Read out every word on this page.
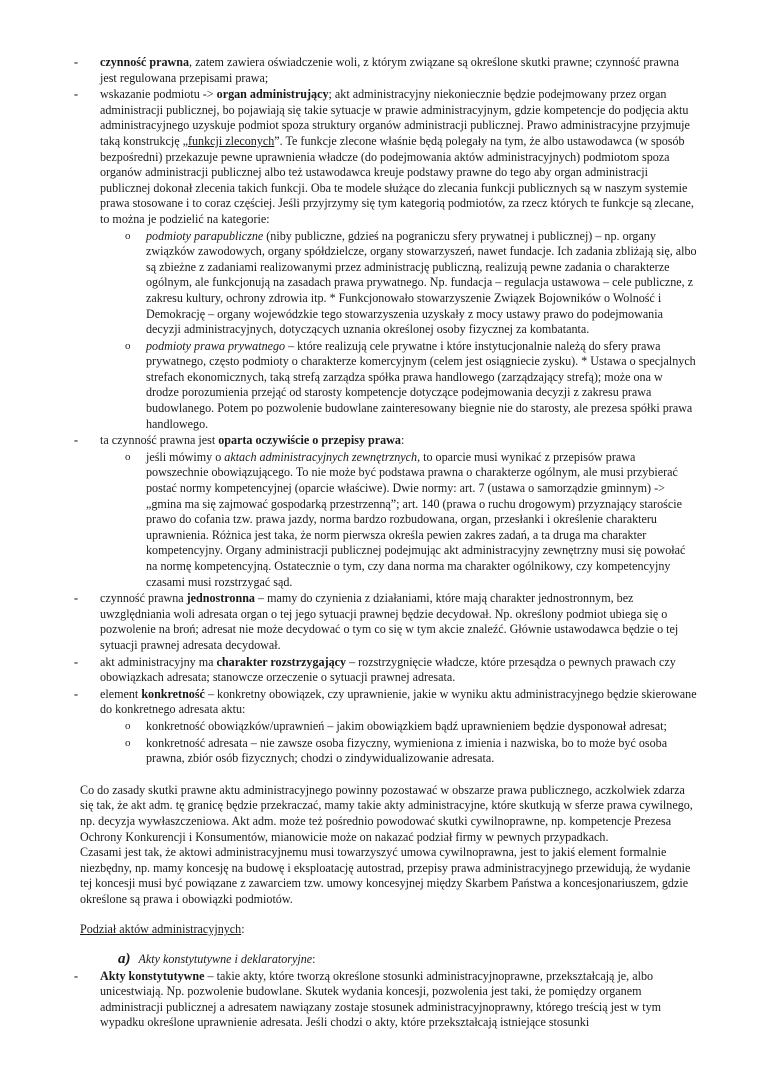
- czynność prawna, zatem zawiera oświadczenie woli, z którym związane są określone skutki prawne; czynność prawna jest regulowana przepisami prawa;
- wskazanie podmiotu -> organ administrujący; akt administracyjny niekoniecznie będzie podejmowany przez organ administracji publicznej, bo pojawiają się takie sytuacje w prawie administracyjnym, gdzie kompetencje do podjęcia aktu administracyjnego uzyskuje podmiot spoza struktury organów administracji publicznej. Prawo administracyjne przyjmuje taką konstrukcję „funkcji zleconych”. Te funkcje zlecone właśnie będą polegały na tym, że albo ustawodawca (w sposób bezpośredni) przekazuje pewne uprawnienia władcze (do podejmowania aktów administracyjnych) podmiotom spoza organów administracji publicznej albo też ustawodawca kreuje podstawy prawne do tego aby organ administracji publicznej dokonał zlecenia takich funkcji. Oba te modele służące do zlecania funkcji publicznych są w naszym systemie prawa stosowane i to coraz częściej. Jeśli przyjrzymy się tym kategorią podmiotów, za rzecz których te funkcje są zlecane, to można je podzielić na kategorie:
o podmioty parapubliczne (niby publiczne, gdzieś na pograniczu sfery prywatnej i publicznej) – np. organy związków zawodowych, organy spółdzielcze, organy stowarzyszeń, nawet fundacje. Ich zadania zbliżają się, albo są zbieżne z zadaniami realizowanymi przez administrację publiczną, realizują pewne zadania o charakterze ogólnym, ale funkcjonują na zasadach prawa prywatnego. Np. fundacja – regulacja ustawowa – cele publiczne, z zakresu kultury, ochrony zdrowia itp. * Funkcjonowało stowarzyszenie Związek Bojowników o Wolność i Demokrację – organy wojewódzkie tego stowarzyszenia uzyskały z mocy ustawy prawo do podejmowania decyzji administracyjnych, dotyczących uznania określonej osoby fizycznej za kombatanta.
o podmioty prawa prywatnego – które realizują cele prywatne i które instytucjonalnie należą do sfery prawa prywatnego, często podmioty o charakterze komercyjnym (celem jest osiągniecie zysku). * Ustawa o specjalnych strefach ekonomicznych, taką strefą zarządza spółka prawa handlowego (zarządzający strefą); może ona w drodze porozumienia przejąć od starosty kompetencje dotyczące podejmowania decyzji z zakresu prawa budowlanego. Potem po pozwolenie budowlane zainteresowany biegnie nie do starosty, ale prezesa spółki prawa handlowego.
- ta czynność prawna jest oparta oczywiście o przepisy prawa:
o jeśli mówimy o aktach administracyjnych zewnętrznych, to oparcie musi wynikać z przepisów prawa powszechnie obowiązującego. To nie może być podstawa prawna o charakterze ogólnym, ale musi przybierać postać normy kompetencyjnej (oparcie właściwe). Dwie normy: art. 7 (ustawa o samorządzie gminnym) -> „gmina ma się zajmować gospodarką przestrzenną”; art. 140 (prawa o ruchu drogowym) przyznający staroście prawo do cofania tzw. prawa jazdy, norma bardzo rozbudowana, organ, przesłanki i określenie charakteru uprawnienia. Różnica jest taka, że norm pierwsza określa pewien zakres zadań, a ta druga ma charakter kompetencyjny. Organy administracji publicznej podejmując akt administracyjny zewnętrzny musi się powołać na normę kompetencyjną. Ostatecznie o tym, czy dana norma ma charakter ogólnikowy, czy kompetencyjny czasami musi rozstrzygać sąd.
- czynność prawna jednostronna – mamy do czynienia z działaniami, które mają charakter jednostronnym, bez uwzględniania woli adresata organ o tej jego sytuacji prawnej będzie decydował. Np. określony podmiot ubiega się o pozwolenie na broń; adresat nie może decydować o tym co się w tym akcie znaleźć. Głównie ustawodawca będzie o tej sytuacji prawnej adresata decydował.
- akt administracyjny ma charakter rozstrzygający – rozstrzygnięcie władcze, które przesądza o pewnych prawach czy obowiązkach adresata; stanowcze orzeczenie o sytuacji prawnej adresata.
- element konkretność – konkretny obowiązek, czy uprawnienie, jakie w wyniku aktu administracyjnego będzie skierowane do konkretnego adresata aktu:
o konkretność obowiązków/uprawnień – jakim obowiązkiem bądź uprawnieniem będzie dysponował adresat;
o konkretność adresata – nie zawsze osoba fizyczny, wymieniona z imienia i nazwiska, bo to może być osoba prawna, zbiór osób fizycznych; chodzi o zindywidualizowanie adresata.

Co do zasady skutki prawne aktu administracyjnego powinny pozostawać w obszarze prawa publicznego, aczkolwiek zdarza się tak, że akt adm. tę granicę będzie przekraczać, mamy takie akty administracyjne, które skutkują w sferze prawa cywilnego, np. decyzja wywłaszczeniowa. Akt adm. może też pośrednio powodować skutki cywilnoprawne, np. kompetencje Prezesa Ochrony Konkurencji i Konsumentów, mianowicie może on nakazać podział firmy w pewnych przypadkach.

Czasami jest tak, że aktowi administracyjnemu musi towarzyszyć umowa cywilnoprawna, jest to jakiś element formalnie niezbędny, np. mamy koncesję na budowę i eksploatację autostrad, przepisy prawa administracyjnego przewidują, że wydanie tej koncesji musi być powiązane z zawarciem tzw. umowy koncesyjnej między Skarbem Państwa a koncesjonariuszem, gdzie określone są prawa i obowiązki podmiotów.

Podział aktów administracyjnych:

a) Akty konstytutywne i deklaratoryjne:
- Akty konstytutywne – takie akty, które tworzą określone stosunki administracyjnoprawne, przekształcają je, albo unicestwiają. Np. pozwolenie budowlane. Skutek wydania koncesji, pozwolenia jest taki, że pomiędzy organem administracji publicznej a adresatem nawiązany zostaje stosunek administracyjnoprawny, którego treścią jest w tym wypadku określone uprawnienie adresata. Jeśli chodzi o akty, które przekształcają istniejące stosunki
